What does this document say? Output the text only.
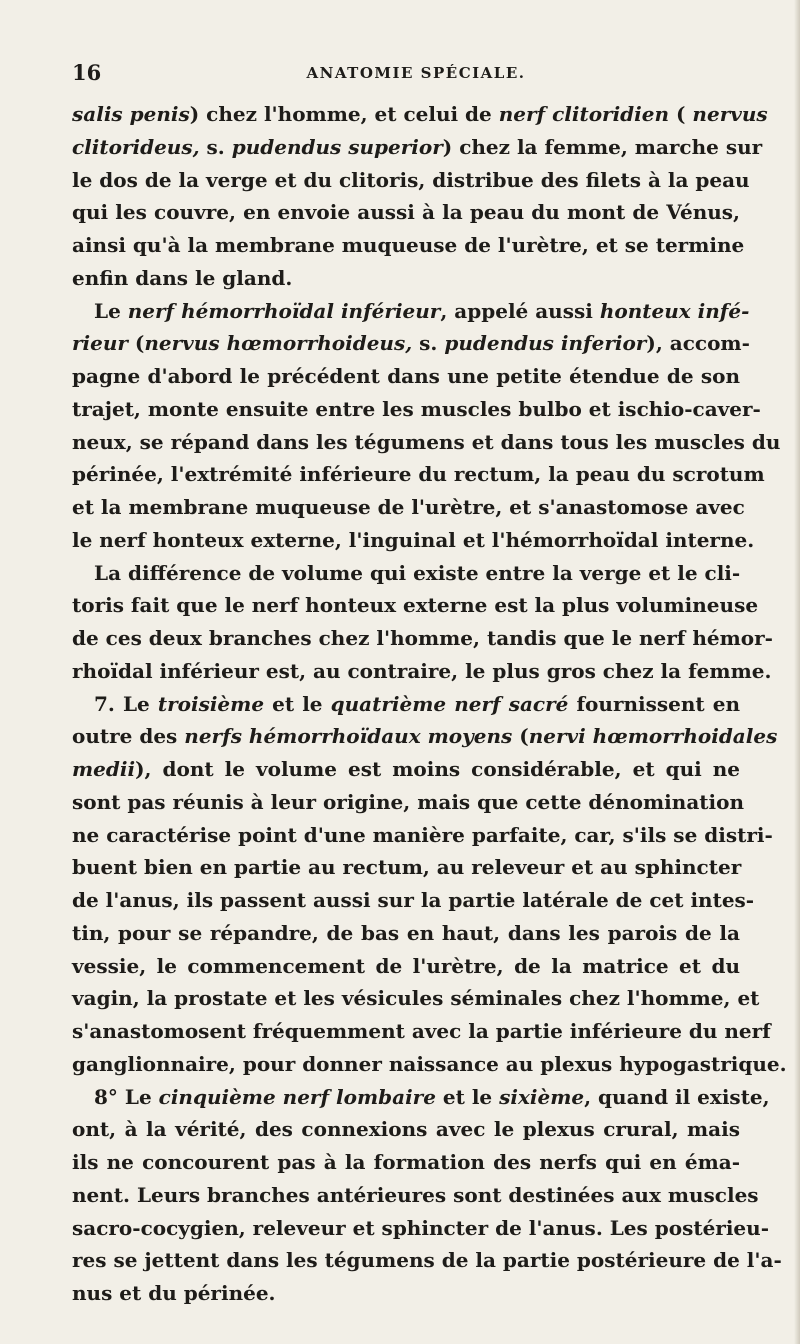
16	ANATOMIE SPÉCIALE.
salis penis) chez l'homme, et celui de nerf clitoridien ( nervus
clitorideus, s. pudendus superior) chez la femme, marche sur
le dos de la verge et du clitoris, distribue des filets à la peau
qui les couvre, en envoie aussi à la peau du mont de Vénus,
ainsi qu'à la membrane muqueuse de l'urètre, et se termine
enfin dans le gland.
Le nerf hémorrhoïdal inférieur, appelé aussi honteux infé-
rieur (nervus hœmorrhoideus, s. pudendus inferior), accom-
pagne d'abord le précédent dans une petite étendue de son
trajet, monte ensuite entre les muscles bulbo et ischio-caver-
neux, se répand dans les tégumens et dans tous les muscles du
périnée, l'extrémité inférieure du rectum, la peau du scrotum
et la membrane muqueuse de l'urètre, et s'anastomose avec
le nerf honteux externe, l'inguinal et l'hémorrhoïdal interne.
La différence de volume qui existe entre la verge et le cli-
toris fait que le nerf honteux externe est la plus volumineuse
de ces deux branches chez l'homme, tandis que le nerf hémor-
rhoïdal inférieur est, au contraire, le plus gros chez la femme.
7. Le troisième et le quatrième nerf sacré fournissent en
outre des nerfs hémorrhoïdaux moyens (nervi hœmorrhoidales
medii), dont le volume est moins considérable, et qui ne
sont pas réunis à leur origine, mais que cette dénomination
ne caractérise point d'une manière parfaite, car, s'ils se distri-
buent bien en partie au rectum, au releveur et au sphincter
de l'anus, ils passent aussi sur la partie latérale de cet intes-
tin, pour se répandre, de bas en haut, dans les parois de la
vessie, le commencement de l'urètre, de la matrice et du
vagin, la prostate et les vésicules séminales chez l'homme, et
s'anastomosent fréquemment avec la partie inférieure du nerf
ganglionnaire, pour donner naissance au plexus hypogastrique.
8° Le cinquième nerf lombaire et le sixième, quand il existe,
ont, à la vérité, des connexions avec le plexus crural, mais
ils ne concourent pas à la formation des nerfs qui en éma-
nent. Leurs branches antérieures sont destinées aux muscles
sacro-cocygien, releveur et sphincter de l'anus. Les postérieu-
res se jettent dans les tégumens de la partie postérieure de l'a-
nus et du périnée.
